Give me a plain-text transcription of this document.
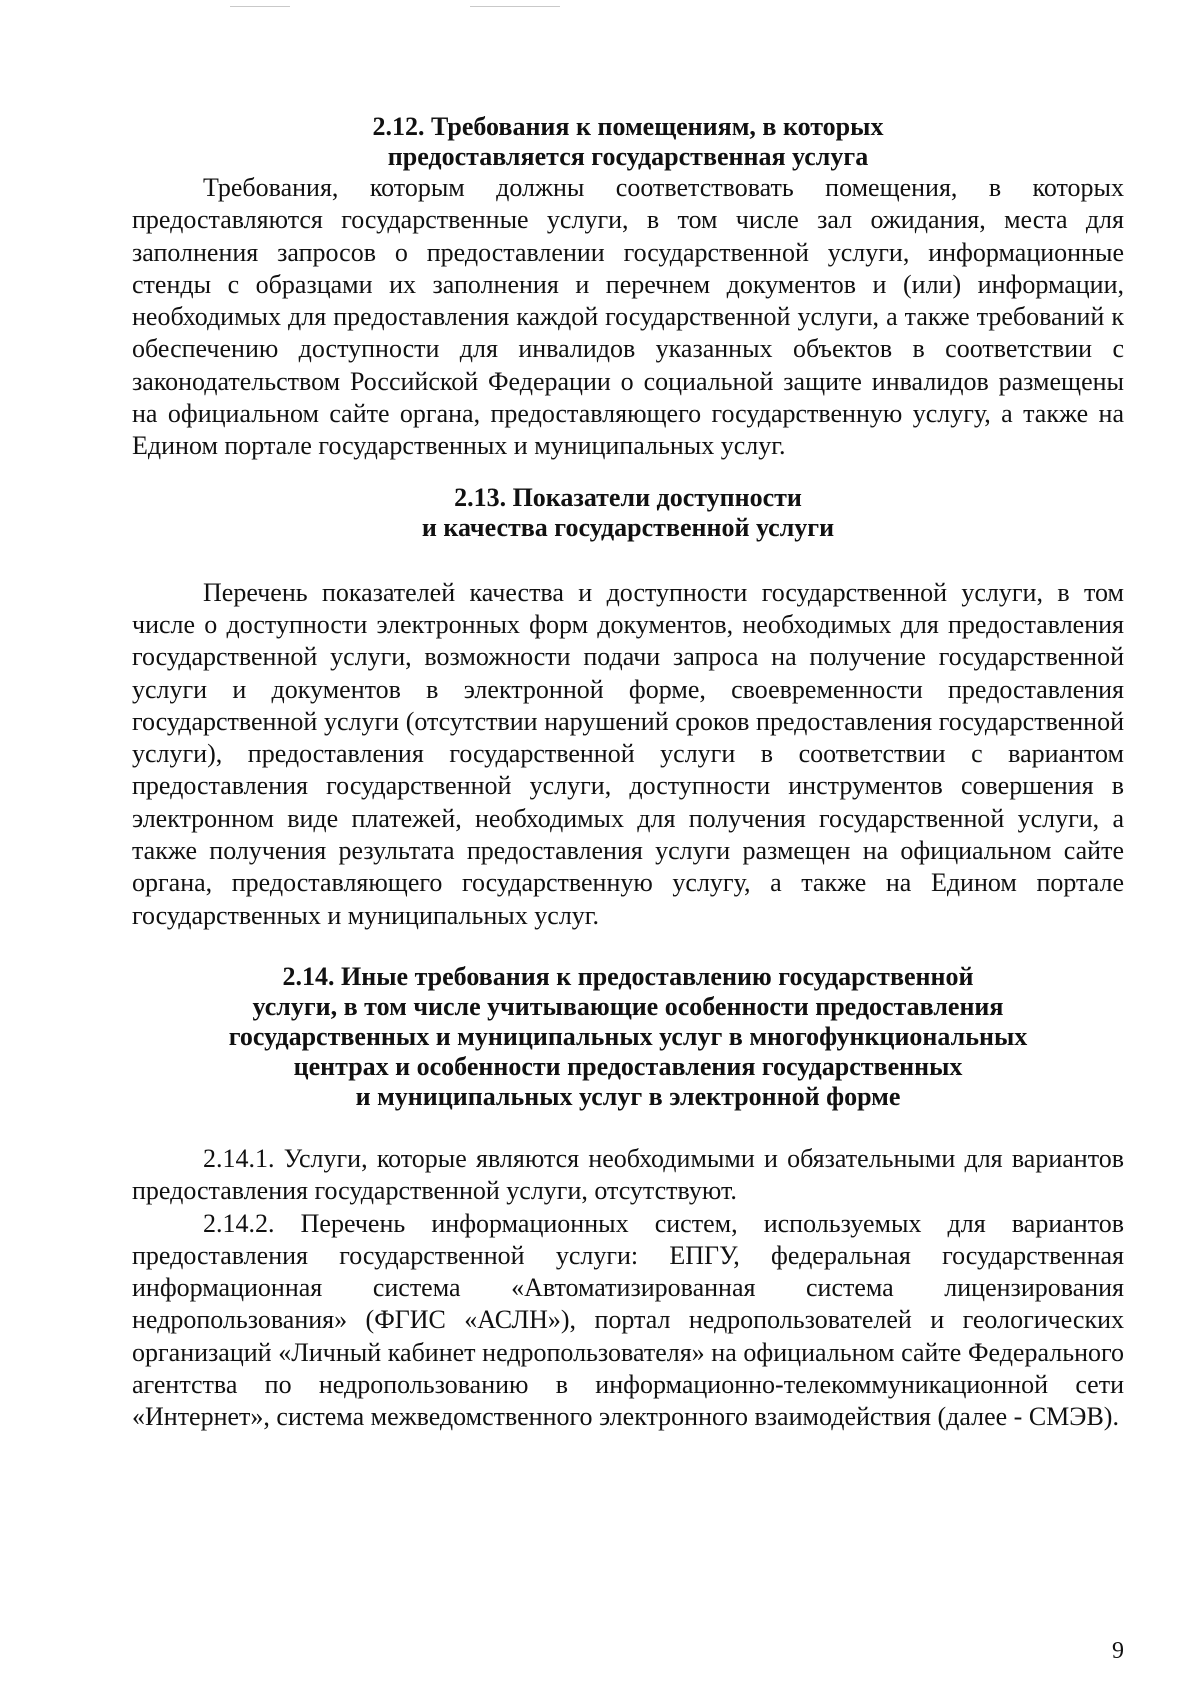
2.12. Требования к помещениям, в которых
предоставляется государственная услуга

Требования, которым должны соответствовать помещения, в которых предоставляются государственные услуги, в том числе зал ожидания, места для заполнения запросов о предоставлении государственной услуги, информационные стенды с образцами их заполнения и перечнем документов и (или) информации, необходимых для предоставления каждой государственной услуги, а также требований к обеспечению доступности для инвалидов указанных объектов в соответствии с законодательством Российской Федерации о социальной защите инвалидов размещены на официальном сайте органа, предоставляющего государственную услугу, а также на Едином портале государственных и муниципальных услуг.

2.13. Показатели доступности
и качества государственной услуги

Перечень показателей качества и доступности государственной услуги, в том числе о доступности электронных форм документов, необходимых для предоставления государственной услуги, возможности подачи запроса на получение государственной услуги и документов в электронной форме, своевременности предоставления государственной услуги (отсутствии нарушений сроков предоставления государственной услуги), предоставления государственной услуги в соответствии с вариантом предоставления государственной услуги, доступности инструментов совершения в электронном виде платежей, необходимых для получения государственной услуги, а также получения результата предоставления услуги размещен на официальном сайте органа, предоставляющего государственную услугу, а также на Едином портале государственных и муниципальных услуг.

2.14. Иные требования к предоставлению государственной
услуги, в том числе учитывающие особенности предоставления
государственных и муниципальных услуг в многофункциональных
центрах и особенности предоставления государственных
и муниципальных услуг в электронной форме

2.14.1. Услуги, которые являются необходимыми и обязательными для вариантов предоставления государственной услуги, отсутствуют.

2.14.2. Перечень информационных систем, используемых для вариантов предоставления государственной услуги: ЕПГУ, федеральная государственная информационная система «Автоматизированная система лицензирования недропользования» (ФГИС «АСЛН»), портал недропользователей и геологических организаций «Личный кабинет недропользователя» на официальном сайте Федерального агентства по недропользованию в информационно-телекоммуникационной сети «Интернет», система межведомственного электронного взаимодействия (далее - СМЭВ).

9
